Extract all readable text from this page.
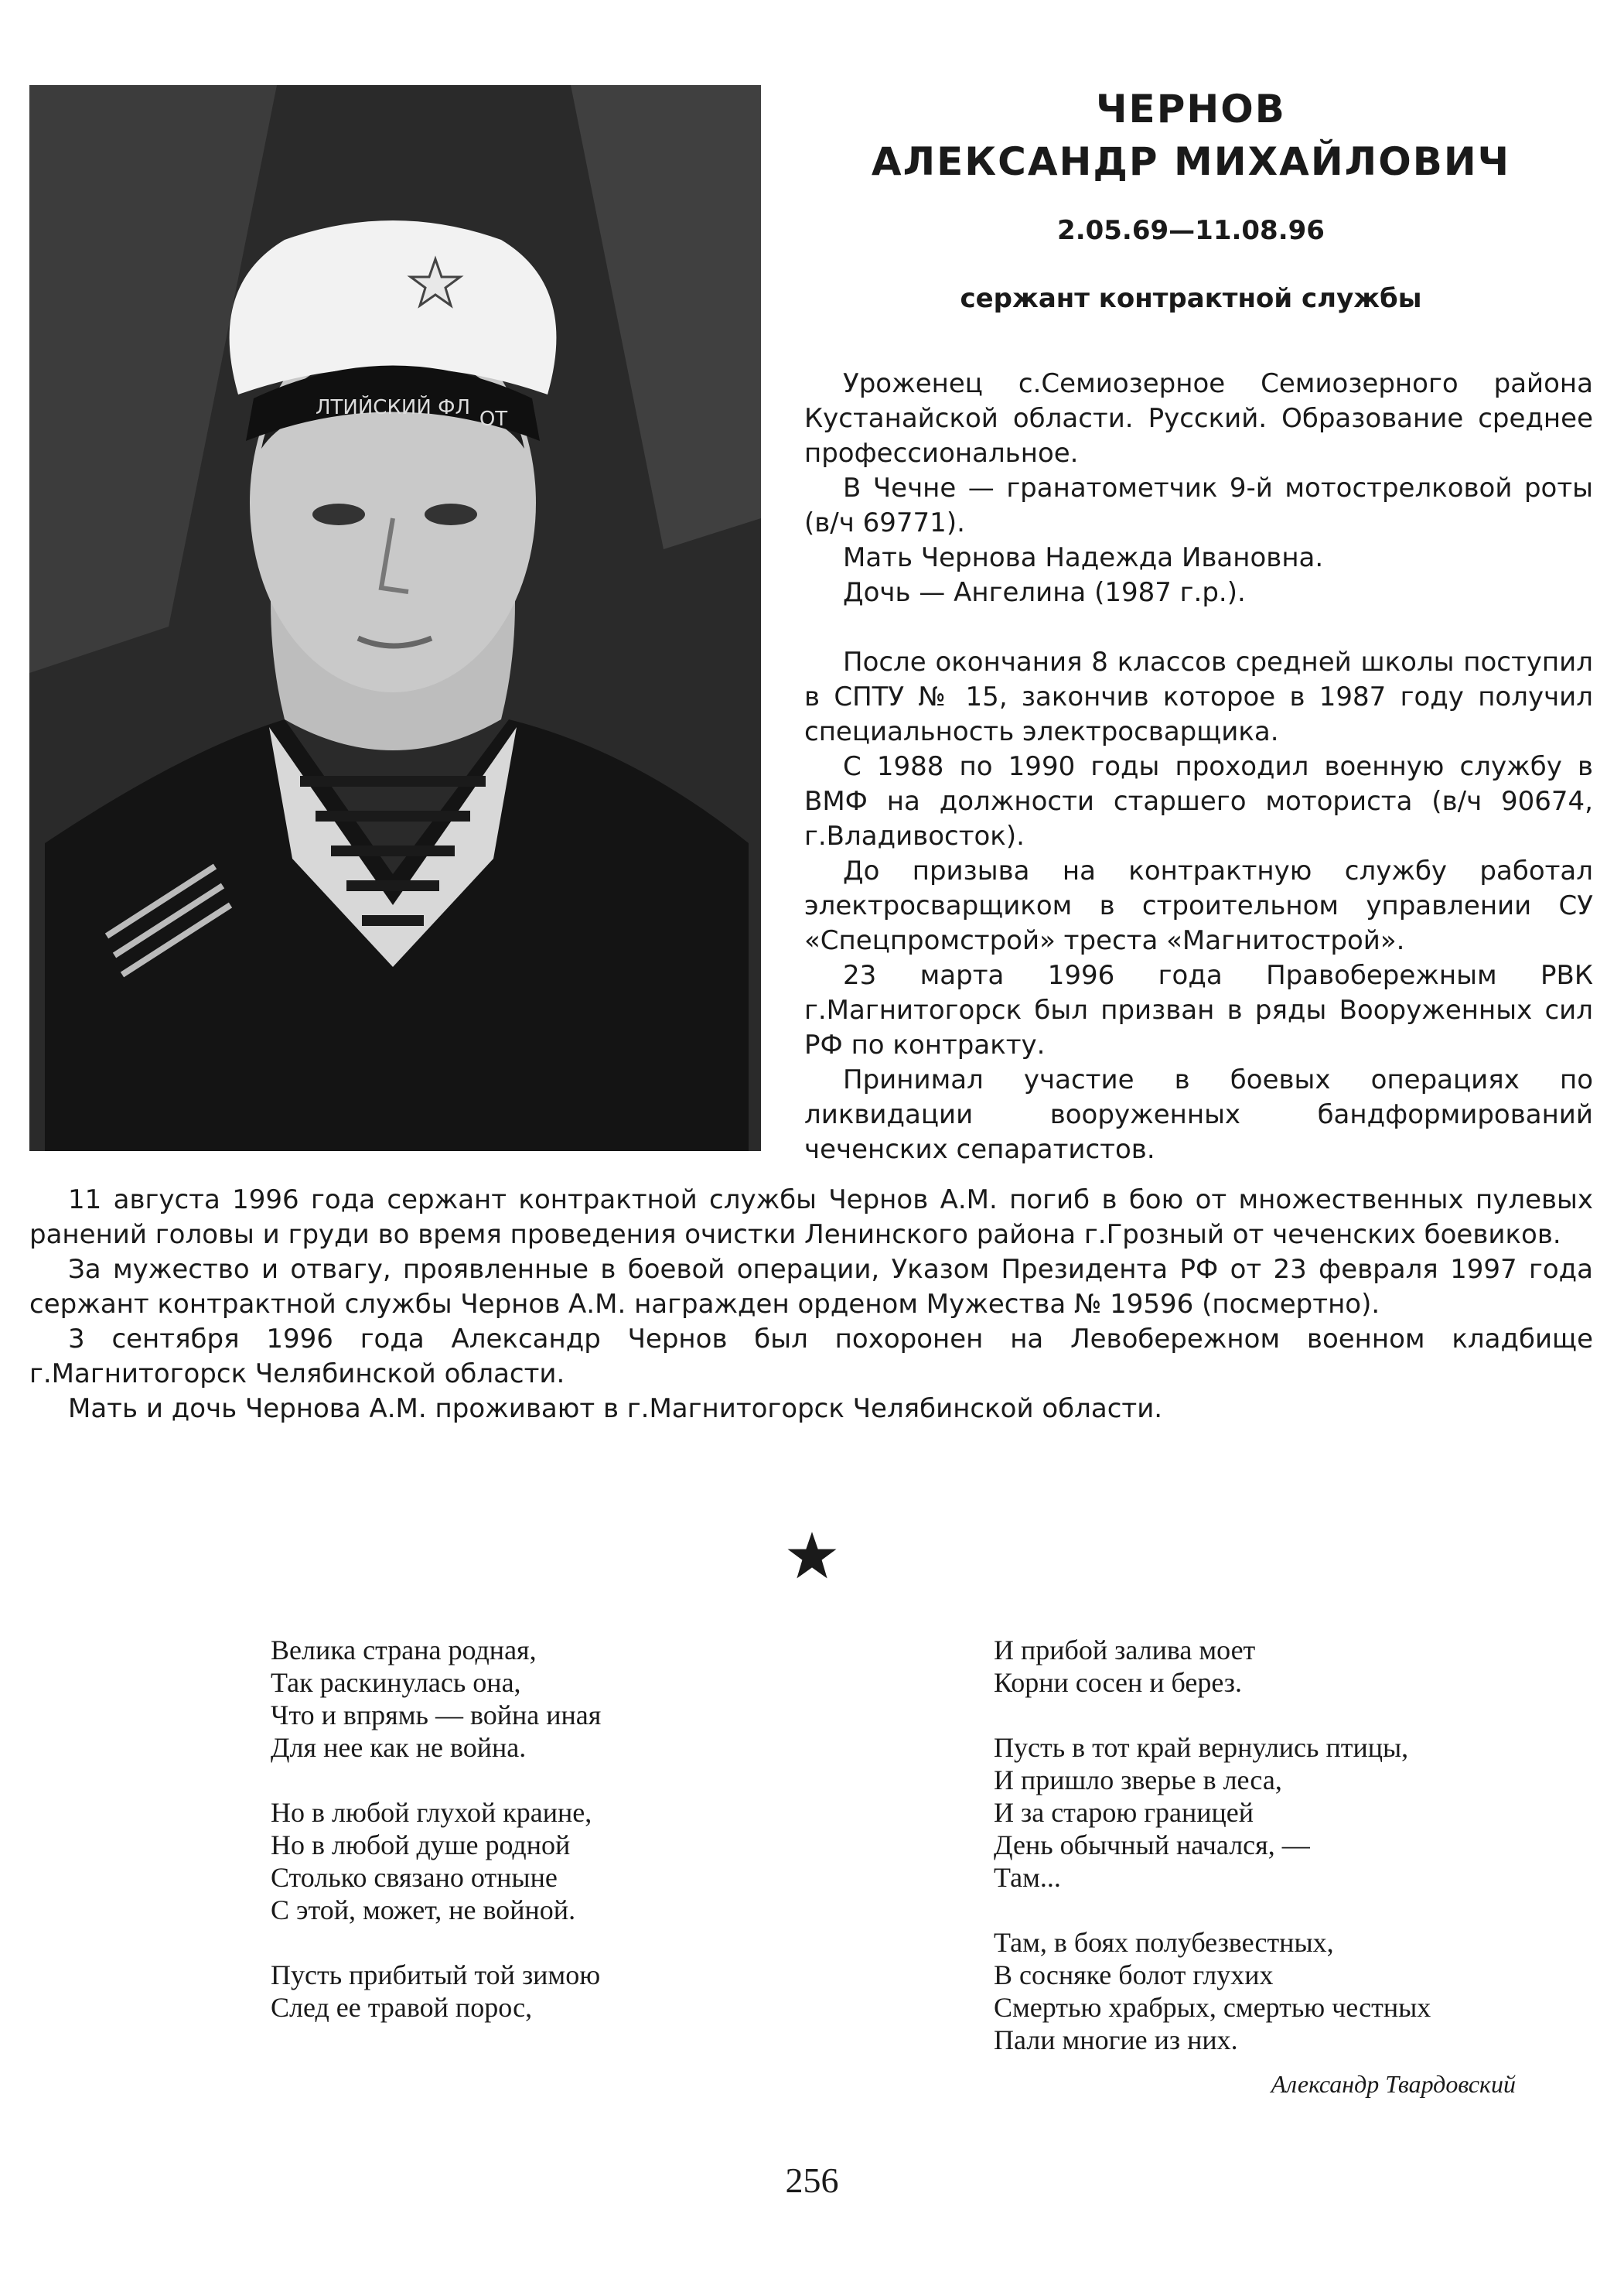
ЛТИЙСКИЙ ФЛ ОТ
ЧЕРНОВ
АЛЕКСАНДР МИХАЙЛОВИЧ
2.05.69—11.08.96
сержант контрактной службы

Уроженец с.Семиозерное Семиозерного района Кустанайской области. Русский. Образование среднее профессиональное.

В Чечне — гранатометчик 9-й мотострелковой роты (в/ч 69771).

Мать Чернова Надежда Ивановна.

Дочь — Ангелина (1987 г.р.).

После окончания 8 классов средней школы поступил в СПТУ № 15, закончив которое в 1987 году получил специальность электросварщика.

С 1988 по 1990 годы проходил военную службу в ВМФ на должности старшего моториста (в/ч 90674, г.Владивосток).

До призыва на контрактную службу работал электросварщиком в строительном управлении СУ «Спецпромстрой» треста «Магнитострой».

23 марта 1996 года Правобережным РВК г.Магнитогорск был призван в ряды Вооруженных сил РФ по контракту.

Принимал участие в боевых операциях по ликвидации вооруженных бандформирований чеченских сепаратистов.

11 августа 1996 года сержант контрактной службы Чернов А.М. погиб в бою от множественных пулевых ранений головы и груди во время проведения очистки Ленинского района г.Грозный от чеченских боевиков.

За мужество и отвагу, проявленные в боевой операции, Указом Президента РФ от 23 февраля 1997 года сержант контрактной службы Чернов А.М. награжден орденом Мужества № 19596 (посмертно).

3 сентября 1996 года Александр Чернов был похоронен на Левобережном военном кладбище г.Магнитогорск Челябинской области.

Мать и дочь Чернова А.М. проживают в г.Магнитогорск Челябинской области.

Велика страна родная,
Так раскинулась она,
Что и впрямь — война иная
Для нее как не война.
Но в любой глухой краине,
Но в любой душе родной
Столько связано отныне
С этой, может, не войной.
Пусть прибитый той зимою
След ее травой порос,
И прибой залива моет
Корни сосен и берез.
Пусть в тот край вернулись птицы,
И пришло зверье в леса,
И за старою границей
День обычный начался, —
Там...
Там, в боях полубезвестных,
В сосняке болот глухих
Смертью храбрых, смертью честных
Пали многие из них.
Александр Твардовский
256
